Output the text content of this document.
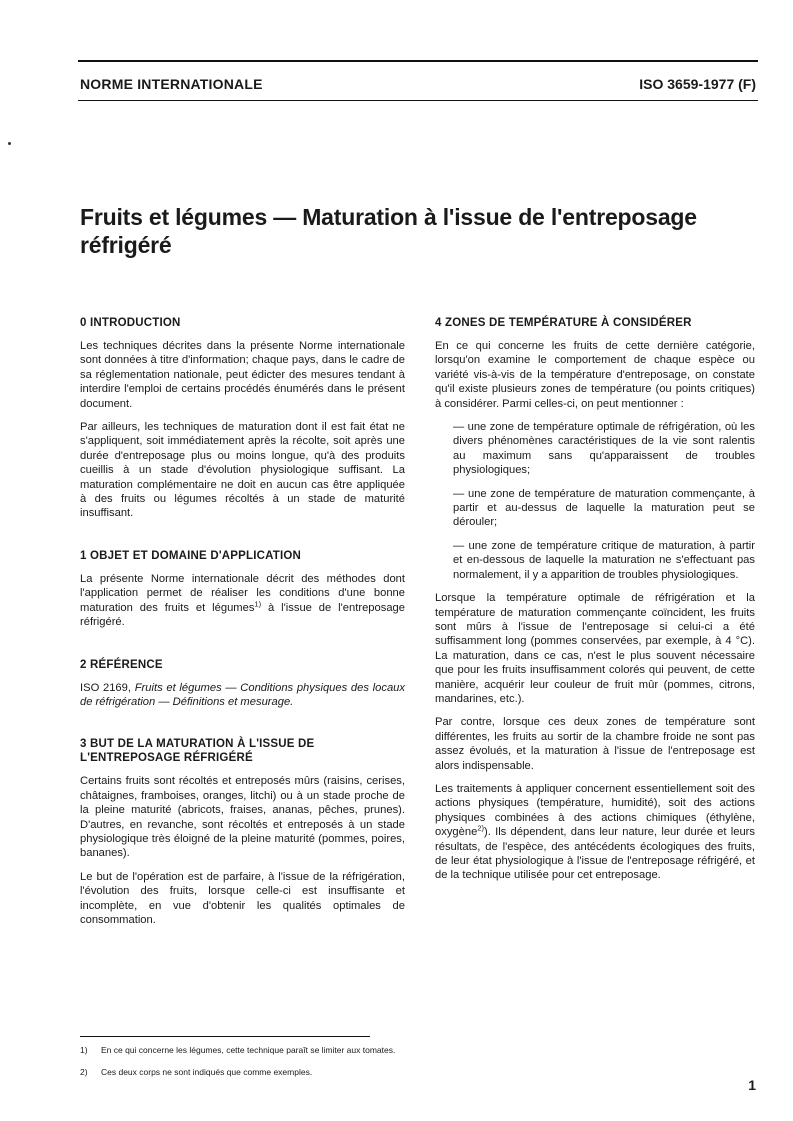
NORME INTERNATIONALE	ISO 3659-1977 (F)
Fruits et légumes — Maturation à l'issue de l'entreposage réfrigéré
0 INTRODUCTION

Les techniques décrites dans la présente Norme internationale sont données à titre d'information; chaque pays, dans le cadre de sa réglementation nationale, peut édicter des mesures tendant à interdire l'emploi de certains procédés énumérés dans le présent document.

Par ailleurs, les techniques de maturation dont il est fait état ne s'appliquent, soit immédiatement après la récolte, soit après une durée d'entreposage plus ou moins longue, qu'à des produits cueillis à un stade d'évolution physiologique suffisant. La maturation complémentaire ne doit en aucun cas être appliquée à des fruits ou légumes récoltés à un stade de maturité insuffisant.

1 OBJET ET DOMAINE D'APPLICATION

La présente Norme internationale décrit des méthodes dont l'application permet de réaliser les conditions d'une bonne maturation des fruits et légumes$^{1)}$ à l'issue de l'entreposage réfrigéré.

2 RÉFÉRENCE

ISO 2169, Fruits et légumes — Conditions physiques des locaux de réfrigération — Définitions et mesurage.

3 BUT DE LA MATURATION À L'ISSUE DE L'ENTREPOSAGE RÉFRIGÉRÉ

Certains fruits sont récoltés et entreposés mûrs (raisins, cerises, châtaignes, framboises, oranges, litchi) ou à un stade proche de la pleine maturité (abricots, fraises, ananas, pêches, prunes). D'autres, en revanche, sont récoltés et entreposés à un stade physiologique très éloigné de la pleine maturité (pommes, poires, bananes).

Le but de l'opération est de parfaire, à l'issue de la réfrigération, l'évolution des fruits, lorsque celle-ci est insuffisante et incomplète, en vue d'obtenir les qualités optimales de consommation.

4 ZONES DE TEMPÉRATURE À CONSIDÉRER

En ce qui concerne les fruits de cette dernière catégorie, lorsqu'on examine le comportement de chaque espèce ou variété vis-à-vis de la température d'entreposage, on constate qu'il existe plusieurs zones de température (ou points critiques) à considérer. Parmi celles-ci, on peut mentionner :

— une zone de température optimale de réfrigération, où les divers phénomènes caractéristiques de la vie sont ralentis au maximum sans qu'apparaissent de troubles physiologiques;

— une zone de température de maturation commençante, à partir et au-dessus de laquelle la maturation peut se dérouler;

— une zone de température critique de maturation, à partir et en-dessous de laquelle la maturation ne s'effectuant pas normalement, il y a apparition de troubles physiologiques.

Lorsque la température optimale de réfrigération et la température de maturation commençante coïncident, les fruits sont mûrs à l'issue de l'entreposage si celui-ci a été suffisamment long (pommes conservées, par exemple, à 4 °C). La maturation, dans ce cas, n'est le plus souvent nécessaire que pour les fruits insuffisamment colorés qui peuvent, de cette manière, acquérir leur couleur de fruit mûr (pommes, citrons, mandarines, etc.).

Par contre, lorsque ces deux zones de température sont différentes, les fruits au sortir de la chambre froide ne sont pas assez évolués, et la maturation à l'issue de l'entreposage est alors indispensable.

Les traitements à appliquer concernent essentiellement soit des actions physiques (température, humidité), soit des actions physiques combinées à des actions chimiques (éthylène, oxygène$^{2)}$). Ils dépendent, dans leur nature, leur durée et leurs résultats, de l'espèce, des antécédents écologiques des fruits, de leur état physiologique à l'issue de l'entreposage réfrigéré, et de la technique utilisée pour cet entreposage.

1) En ce qui concerne les légumes, cette technique paraît se limiter aux tomates.
2) Ces deux corps ne sont indiqués que comme exemples.
1
